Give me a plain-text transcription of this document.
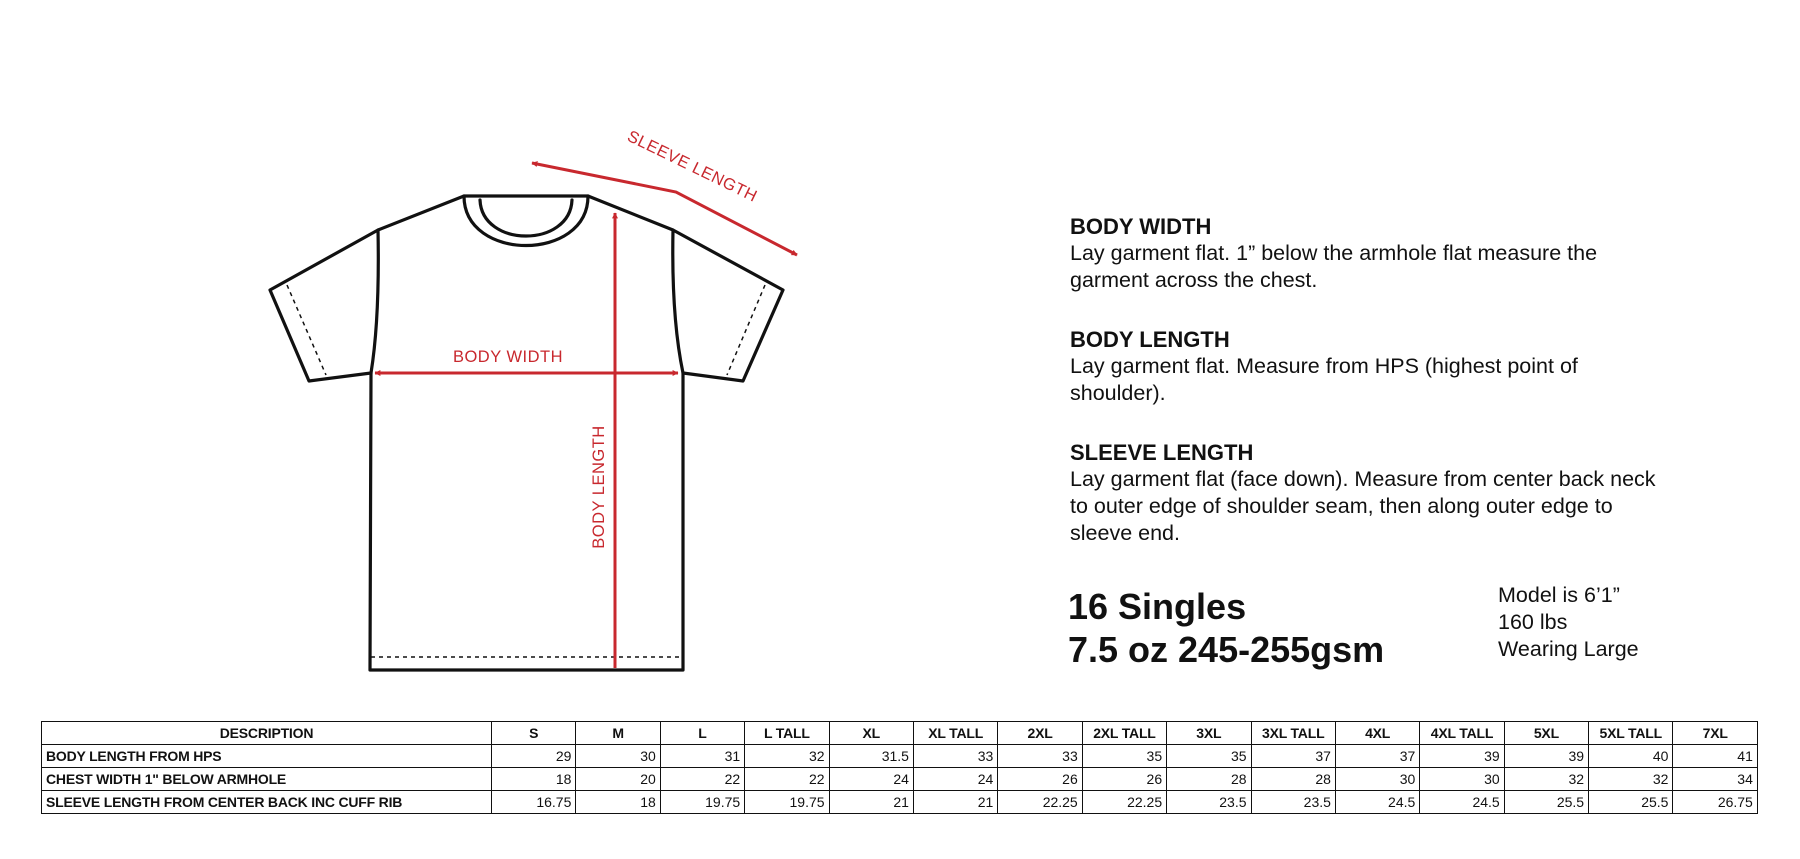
SLEEVE LENGTH
BODY WIDTH
BODY LENGTH
BODY WIDTH
Lay garment flat. 1” below the armhole flat measure the garment across the chest.
BODY LENGTH
Lay garment flat. Measure from HPS (highest point of shoulder).
SLEEVE LENGTH
Lay garment flat (face down). Measure from center back neck to outer edge of shoulder seam, then along outer edge to sleeve end.
16 Singles
7.5 oz 245-255gsm
Model is 6’1”
160 lbs
Wearing Large
DESCRIPTION	S	M	L	L TALL	XL	XL TALL	2XL	2XL TALL	3XL	3XL TALL	4XL	4XL TALL	5XL	5XL TALL	7XL
BODY LENGTH FROM HPS	29	30	31	32	31.5	33	33	35	35	37	37	39	39	40	41
CHEST WIDTH 1" BELOW ARMHOLE	18	20	22	22	24	24	26	26	28	28	30	30	32	32	34
SLEEVE LENGTH FROM CENTER BACK INC CUFF RIB	16.75	18	19.75	19.75	21	21	22.25	22.25	23.5	23.5	24.5	24.5	25.5	25.5	26.75
